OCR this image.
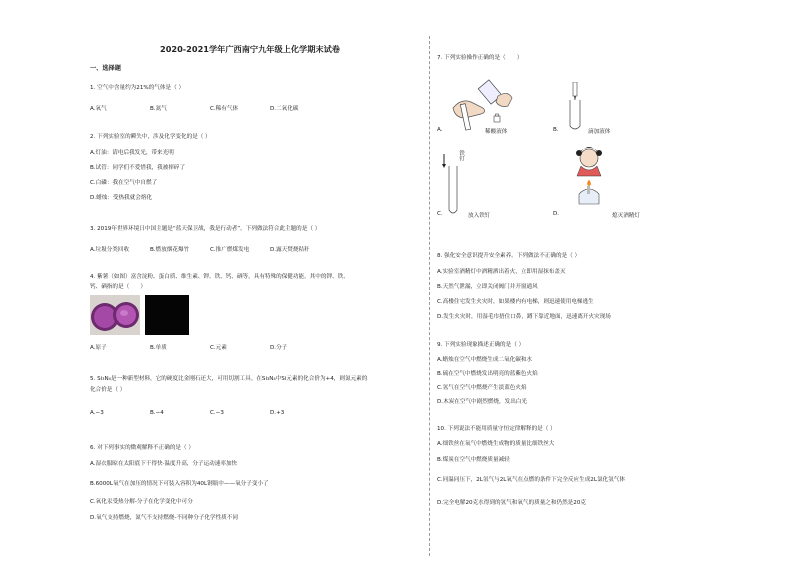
2020-2021学年广西南宁九年级上化学期末试卷
一、选择题
1. 空气中含量约为21%的气体是（ ）
A.氧气	B.氮气	C.稀有气体	D.二氧化碳
2. 下列实验室的瞬失中，涉及化学变化的是（ ）
A.灯油：请电后我发光，带来光明
B.试管：同学们不爱惜我，我被摔碎了
C.白磷：我在空气中自燃了
D.蜡烛：受热我就会熔化
3. 2019年世界环境日中国主题是“蓝天保卫战，我是行动者”。下列做法符合此主题的是（ ）
A.垃圾分类回收	B.燃放烟花爆竹	C.推广燃煤发电	D.露天焚烧秸秆
4. 紫薯（如图）富含淀粉、蛋白质、维生素、钾、铁、钙、硒等，具有特殊的保健功能。其中的钾、铁、
钙、硒指的是（　　）
A.原子	B.单质	C.元素	D.分子
5. Si₃N₄是一种新型材料，它的硬度比金刚石还大，可用切割工具。在Si₃N₄中Si元素的化合价为+4，则氮元素的
化合价是（ ）
A.−3	B.−4	C.−3	D.+3
6. 对下列事实的微观解释不正确的是（ ）
A.湿衣服晾在太阳底下干得快·温度升高，分子运动速率加快
B.6000L氧气在加压的情况下可装入容积为40L钢瓶中——氧分子变小了
C.氧化汞受热分解-分子在化学变化中可分
D.氧气支持燃烧，氮气不支持燃烧-不同种分子化学性质不同
7. 下列实验操作正确的是（　　）
A.	稀酸液体	B.	滴加液体
C.
铁钉
放入铁钉	D.	熄灭酒精灯
8. 强化安全意识提升安全素养。下列做法不正确的是（ ）
A.实验室酒精灯中酒精洒出着火，立即用湿抹布盖灭
B.天然气泄漏，立即关闭阀门并开窗通风
C.高楼住宅发生火灾时，如果楼内有电梯，则迅速使用电梯逃生
D.发生火灾时，用湿毛巾捂住口鼻，蹲下靠近地面，迅速离开火灾现场
9. 下列实验现象描述正确的是（ ）
A.蜡烛在空气中燃烧生成二氧化碳和水
B.硫在空气中燃烧发出明亮的蓝紫色火焰
C.氢气在空气中燃烧产生淡蓝色火焰
D.木炭在空气中剧烈燃烧，发出白光
10. 下列说法不能用质量守恒定律解释的是（ ）
A.细铁丝在氧气中燃烧生成物的质量比细铁丝大
B.煤炭在空气中燃烧质量减轻
C.同温同压下，2L氢气与2L氧气在点燃的条件下完全反应生成2L氯化氢气体
D.完全电解20克水得到的氢气和氧气的质量之和仍然是20克
